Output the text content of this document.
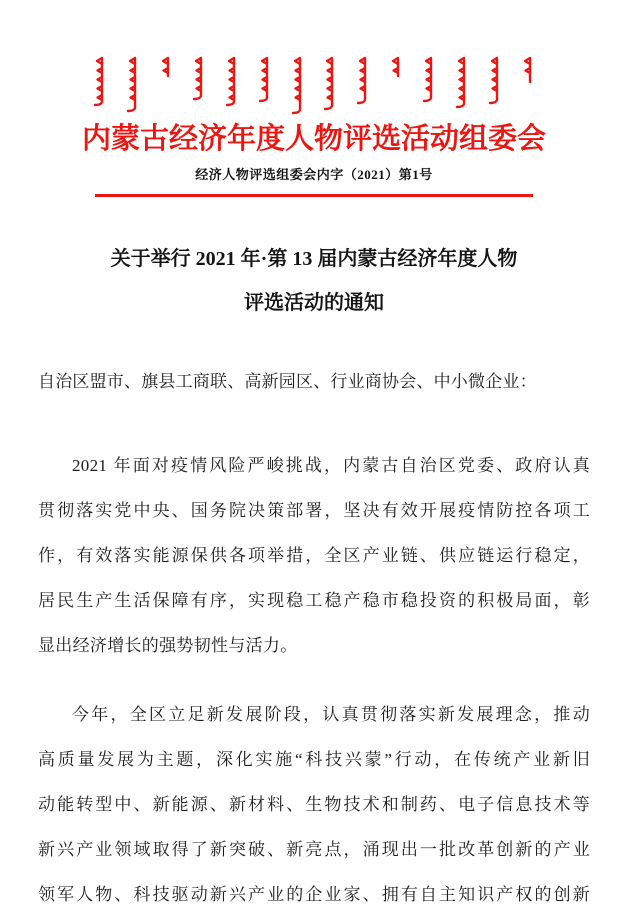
内蒙古经济年度人物评选活动组委会
经济人物评选组委会内字（2021）第1号
关于举行 2021 年·第 13 届内蒙古经济年度人物
评选活动的通知

自治区盟市、旗县工商联、高新园区、行业商协会、中小微企业：

2021 年面对疫情风险严峻挑战，内蒙古自治区党委、政府认真
贯彻落实党中央、国务院决策部署，坚决有效开展疫情防控各项工
作，有效落实能源保供各项举措，全区产业链、供应链运行稳定，
居民生产生活保障有序，实现稳工稳产稳市稳投资的积极局面，彰
显出经济增长的强势韧性与活力。
今年，全区立足新发展阶段，认真贯彻落实新发展理念，推动
高质量发展为主题，深化实施“科技兴蒙”行动，在传统产业新旧
动能转型中、新能源、新材料、生物技术和制药、电子信息技术等
新兴产业领域取得了新突破、新亮点，涌现出一批改革创新的产业
领军人物、科技驱动新兴产业的企业家、拥有自主知识产权的创新
